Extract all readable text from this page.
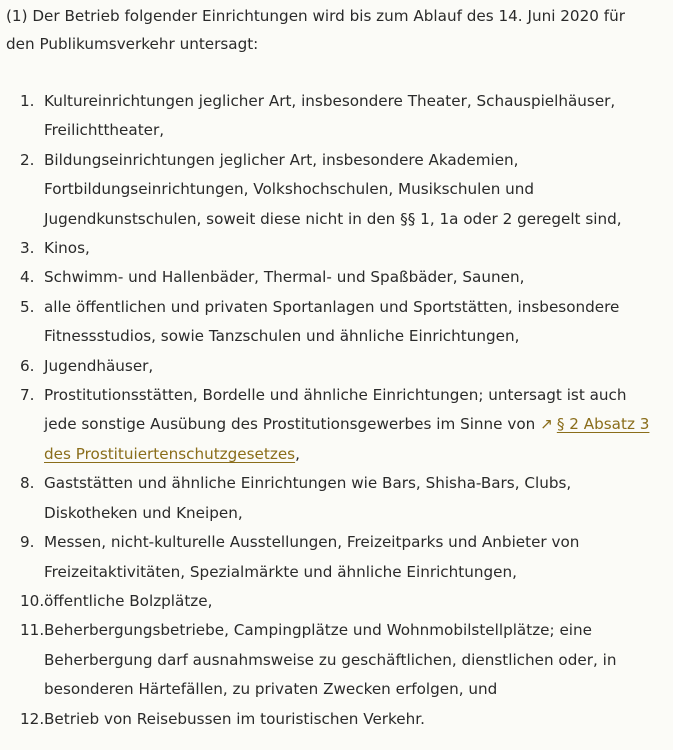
(1) Der Betrieb folgender Einrichtungen wird bis zum Ablauf des 14. Juni 2020 für den Publikumsverkehr untersagt:

1. Kultureinrichtungen jeglicher Art, insbesondere Theater, Schauspielhäuser, Freilichttheater,
2. Bildungseinrichtungen jeglicher Art, insbesondere Akademien, Fortbildungseinrichtungen, Volkshochschulen, Musikschulen und Jugendkunstschulen, soweit diese nicht in den §§ 1, 1a oder 2 geregelt sind,
3. Kinos,
4. Schwimm- und Hallenbäder, Thermal- und Spaßbäder, Saunen,
5. alle öffentlichen und privaten Sportanlagen und Sportstätten, insbesondere Fitnessstudios, sowie Tanzschulen und ähnliche Einrichtungen,
6. Jugendhäuser,
7. Prostitutionsstätten, Bordelle und ähnliche Einrichtungen; untersagt ist auch jede sonstige Ausübung des Prostitutionsgewerbes im Sinne von ↗ § 2 Absatz 3 des Prostituiertenschutzgesetzes,
8. Gaststätten und ähnliche Einrichtungen wie Bars, Shisha-Bars, Clubs, Diskotheken und Kneipen,
9. Messen, nicht-kulturelle Ausstellungen, Freizeitparks und Anbieter von Freizeitaktivitäten, Spezialmärkte und ähnliche Einrichtungen,
10. öffentliche Bolzplätze,
11. Beherbergungsbetriebe, Campingplätze und Wohnmobilstellplätze; eine Beherbergung darf ausnahmsweise zu geschäftlichen, dienstlichen oder, in besonderen Härtefällen, zu privaten Zwecken erfolgen, und
12. Betrieb von Reisebussen im touristischen Verkehr.
